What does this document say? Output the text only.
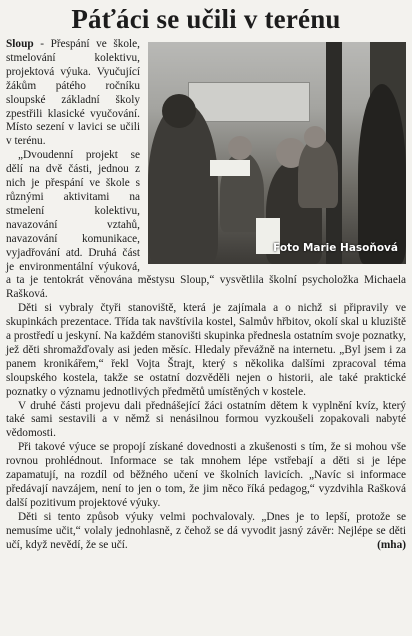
Páťáci se učili v terénu
Foto Marie Hasoňová

Sloup - Přespání ve škole, stmelování kolektivu, projektová výuka. Vyučující žákům pátého ročníku sloupské základní školy zpestřili klasické vyučování. Místo sezení v lavici se učili v terénu.

„Dvoudenní projekt se dělí na dvě části, jednou z nich je přespání ve škole s různými aktivitami na stmelení kolektivu, navazování vztahů, navazování komunikace, vyjadřování atd. Druhá část je environmentální výuková, a ta je tentokrát věnována městysu Sloup,“ vysvětlila školní psycholožka Michaela Rašková.

Děti si vybraly čtyři stanoviště, která je zajímala a o nichž si připravily ve skupinkách prezentace. Třída tak navštívila kostel, Salmův hřbitov, okolí skal u kluziště a prostředí u jeskyní. Na každém stanovišti skupinka přednesla ostatním svoje poznatky, jež děti shromažďovaly asi jeden měsíc. Hledaly převážně na internetu. „Byl jsem i za panem kronikářem,“ řekl Vojta Štrajt, který s několika dalšími zpracoval téma sloupského kostela, takže se ostatní dozvěděli nejen o historii, ale také praktické poznatky o významu jednotlivých předmětů umístěných v kostele.

V druhé části projevu dali přednášející žáci ostatním dětem k vyplnění kvíz, který také sami sestavili a v němž si nenásilnou formou vyzkoušeli zopakovali nabyté vědomosti.

Při takové výuce se propojí získané dovednosti a zkušenosti s tím, že si mohou vše rovnou prohlédnout. Informace se tak mnohem lépe vstřebají a děti si je lépe zapamatují, na rozdíl od běžného učení ve školních lavicích. „Navíc si informace předávají navzájem, není to jen o tom, že jim něco říká pedagog,“ vyzdvihla Rašková další pozitivum projektové výuky.

Děti si tento způsob výuky velmi pochvalovaly. „Dnes je to lepší, protože se nemusíme učit,“ volaly jednohlasně, z čehož se dá vyvodit jasný závěr: Nejlépe se děti učí, když nevědí, že se učí.	(mha)
